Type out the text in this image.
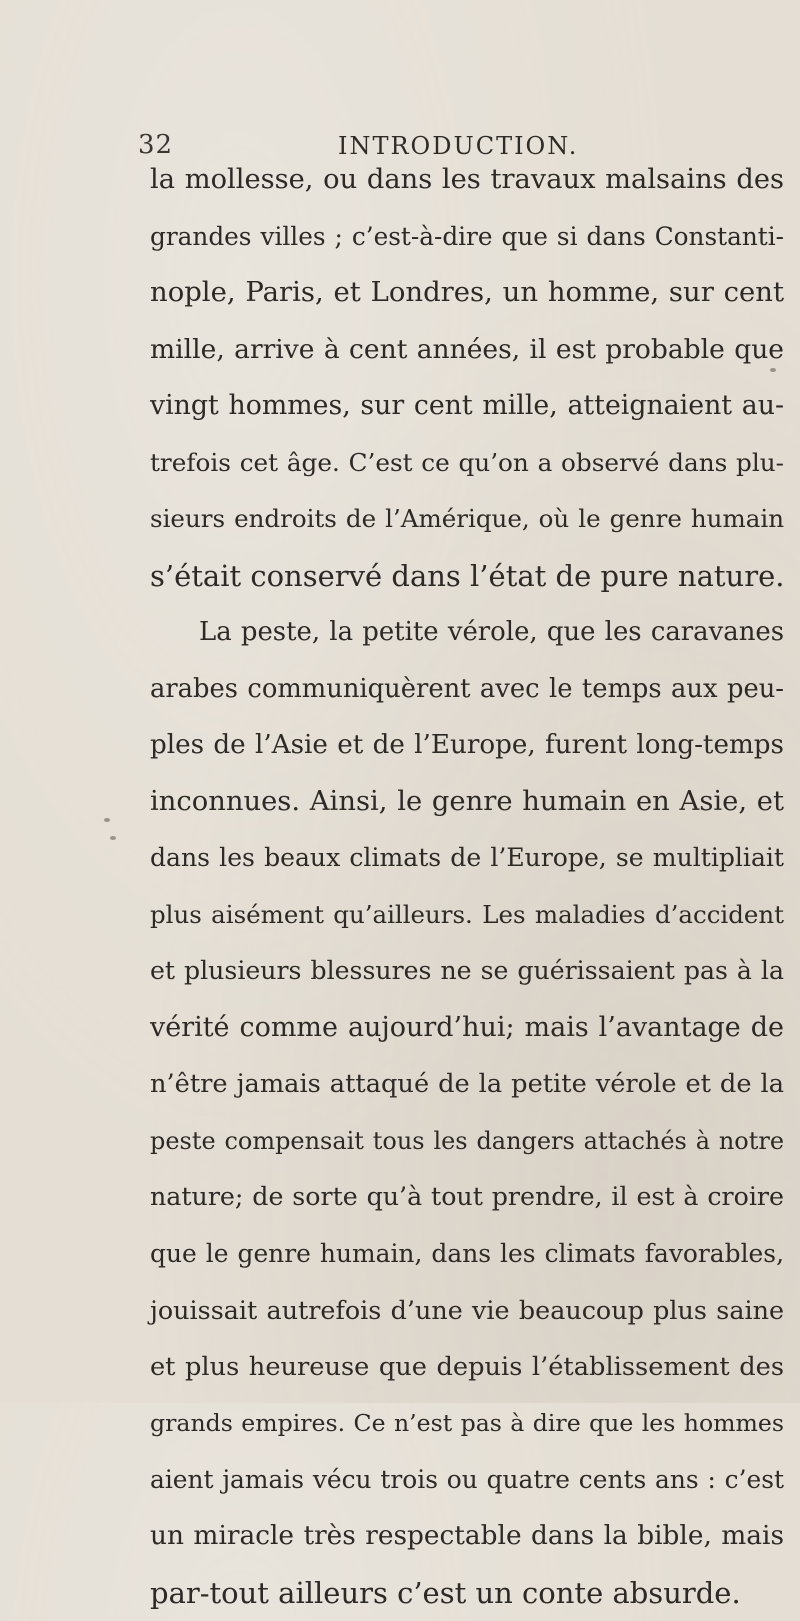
32	INTRODUCTION.
la mollesse, ou dans les travaux malsains des
grandes villes ; c’est-à-dire que si dans Constanti-
nople, Paris, et Londres, un homme, sur cent
mille, arrive à cent années, il est probable que
vingt hommes, sur cent mille, atteignaient au-
trefois cet âge. C’est ce qu’on a observé dans plu-
sieurs endroits de l’Amérique, où le genre humain
s’était conservé dans l’état de pure nature.
La peste, la petite vérole, que les caravanes
arabes communiquèrent avec le temps aux peu-
ples de l’Asie et de l’Europe, furent long-temps
inconnues. Ainsi, le genre humain en Asie, et
dans les beaux climats de l’Europe, se multipliait
plus aisément qu’ailleurs. Les maladies d’accident
et plusieurs blessures ne se guérissaient pas à la
vérité comme aujourd’hui; mais l’avantage de
n’être jamais attaqué de la petite vérole et de la
peste compensait tous les dangers attachés à notre
nature; de sorte qu’à tout prendre, il est à croire
que le genre humain, dans les climats favorables,
jouissait autrefois d’une vie beaucoup plus saine
et plus heureuse que depuis l’établissement des
grands empires. Ce n’est pas à dire que les hommes
aient jamais vécu trois ou quatre cents ans : c’est
un miracle très respectable dans la bible, mais
par-tout ailleurs c’est un conte absurde.
